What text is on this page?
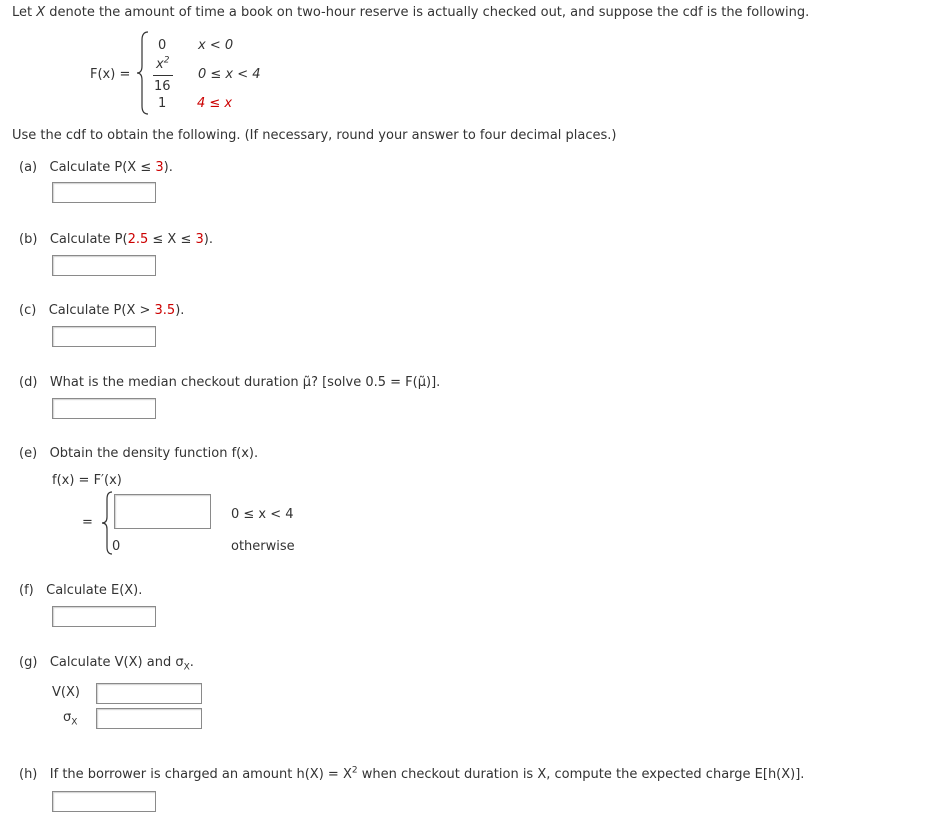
Let X denote the amount of time a book on two-hour reserve is actually checked out, and suppose the cdf is the following.
F(x) =
0 x < 0
$x^2$
16
0 ≤ x < 4
1 4 ≤ x
Use the cdf to obtain the following. (If necessary, round your answer to four decimal places.)
(a) Calculate P(X ≤ 3).
(b) Calculate P(2.5 ≤ X ≤ 3).
(c) Calculate P(X > 3.5).
(d) What is the median checkout duration μ̃? [solve 0.5 = F(μ̃)].
(e) Obtain the density function f(x).
f(x) = F′(x)
=
0 ≤ x < 4
0	otherwise
(f) Calculate E(X).
(g) Calculate V(X) and $\sigma_X$.
V(X)
$\sigma_X$
(h) If the borrower is charged an amount $h(X) = X^2$ when checkout duration is X, compute the expected charge E[h(X)].
